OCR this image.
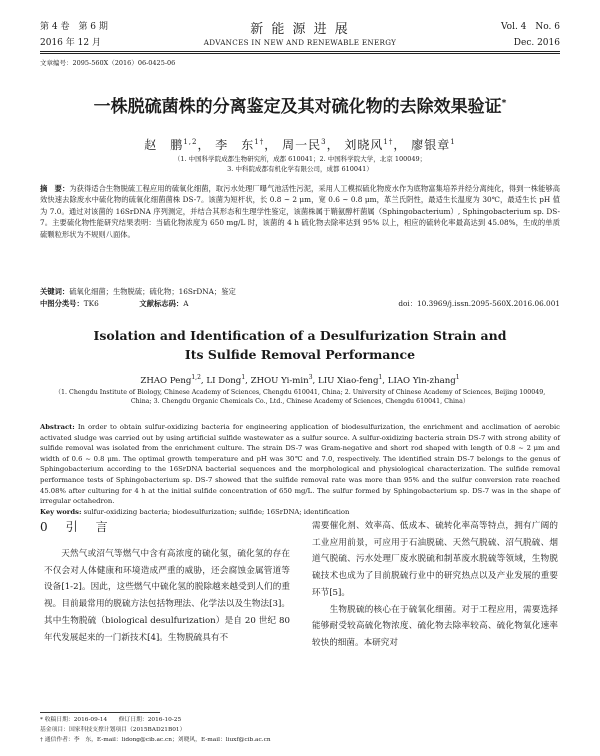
第 4 卷　第 6 期
2016 年 12 月
新 能 源 进 展
ADVANCES IN NEW AND RENEWABLE ENERGY
Vol. 4　No. 6
Dec. 2016
文章编号：2095-560X（2016）06-0425-06
一株脱硫菌株的分离鉴定及其对硫化物的去除效果验证*
赵　鹏$^{1,2}$， 李　东$^{1\dagger}$， 周一民$^3$， 刘晓风$^{1\dagger}$， 廖银章$^1$
（1. 中国科学院成都生物研究所，成都 610041；2. 中国科学院大学，北京 100049；
3. 中科院成都有机化学有限公司，成都 610041）
摘　要：为获得适合生物脱硫工程应用的硫氧化细菌，取污水处理厂曝气池活性污泥，采用人工模拟硫化物废水作为底物富集培养并经分离纯化，得到一株能够高效快速去除废水中硫化物的硫氧化细菌菌株 DS-7。该菌为短杆状，长 0.8 ~ 2 μm，宽 0.6 ~ 0.8 μm，革兰氏阴性，最适生长温度为 30℃，最适生长 pH 值为 7.0。通过对该菌的 16SrDNA 序列测定，并结合其形态和生理学性鉴定，该菌株属于鞘氨醇杆菌属（Sphingobacterium）, Sphingobacterium sp. DS-7。主要硫化物性能研究结果表明：当硫化物浓度为 650 mg/L 时，该菌的 4 h 硫化物去除率达到 95% 以上，相应的硫转化率最高达到 45.08%，生成的单质硫颗粒形状为不规则八面体。
关键词：硫氧化细菌；生物脱硫；硫化物；16SrDNA；鉴定
中图分类号：TK6	文献标志码：A	doi：10.3969/j.issn.2095-560X.2016.06.001
Isolation and Identification of a Desulfurization Strain and
Its Sulfide Removal Performance
ZHAO Peng$^{1,2}$, LI Dong$^1$, ZHOU $Yi-\min^3$, LIU Xiao-feng$^1$, LIAO Yin-zhang$^1$
（1. Chengdu Institute of Biology, Chinese Academy of Sciences, Chengdu 610041, China; 2. University of Chinese Academy of Sciences, Beijing 100049, China; 3. Chengdu Organic Chemicals Co., Ltd., Chinese Academy of Sciences, Chengdu 610041, China）
Abstract: In order to obtain sulfur-oxidizing bacteria for engineering application of biodesulfurization, the enrichment and acclimation of aerobic activated sludge was carried out by using artificial sulfide wastewater as a sulfur source. A sulfur-oxidizing bacteria strain DS-7 with strong ability of sulfide removal was isolated from the enrichment culture. The strain DS-7 was Gram-negative and short rod shaped with length of 0.8 ~ 2 μm and width of 0.6 ~ 0.8 μm. The optimal growth temperature and pH was 30℃ and 7.0, respectively. The identified strain DS-7 belongs to the genus of Sphingobacterium according to the 16SrDNA bacterial sequences and the morphological and physiological characterization. The sulfide removal performance tests of Sphingobacterium sp. DS-7 showed that the sulfide removal rate was more than 95% and the sulfur conversion rate reached 45.08% after culturing for 4 h at the initial sulfide concentration of 650 mg/L. The sulfur formed by Sphingobacterium sp. DS-7 was in the shape of irregular octahedron.
Key words: sulfur-oxidizing bacteria; biodesulfurization; sulfide; 16SrDNA; identification
0　引　言
天然气或沼气等燃气中含有高浓度的硫化氢，硫化氢的存在不仅会对人体健康和环境造成严重的威胁，还会腐蚀金属管道等设备[1-2]。因此，这些燃气中硫化氢的脱除越来越受到人们的重视。目前最常用的脱硫方法包括物理法、化学法以及生物法[3]。其中生物脱硫（biological desulfurization）是自 20 世纪 80 年代发展起来的一门新技术[4]。生物脱硫具有不
需要催化剂、效率高、低成本、硫转化率高等特点，拥有广阔的工业应用前景，可应用于石油脱硫、天然气脱硫、沼气脱硫、烟道气脱硫、污水处理厂废水脱硫和制革废水脱硫等领域，生物脱硫技术也成为了目前脱硫行业中的研究热点以及产业发展的重要环节[5]。
　　生物脱硫的核心在于硫氧化细菌。对于工程应用，需要选择能够耐受较高硫化物浓度、硫化物去除率较高、硫化物氧化速率较快的细菌。本研究对
* 收稿日期：2016-09-14　　修订日期：2016-10-25
基金项目：国家科技支撑计划项目（2015BAD21B01）
† 通信作者：李　东，E-mail：lidong@cib.ac.cn；刘晓风，E-mail：liuxf@cib.ac.cn
